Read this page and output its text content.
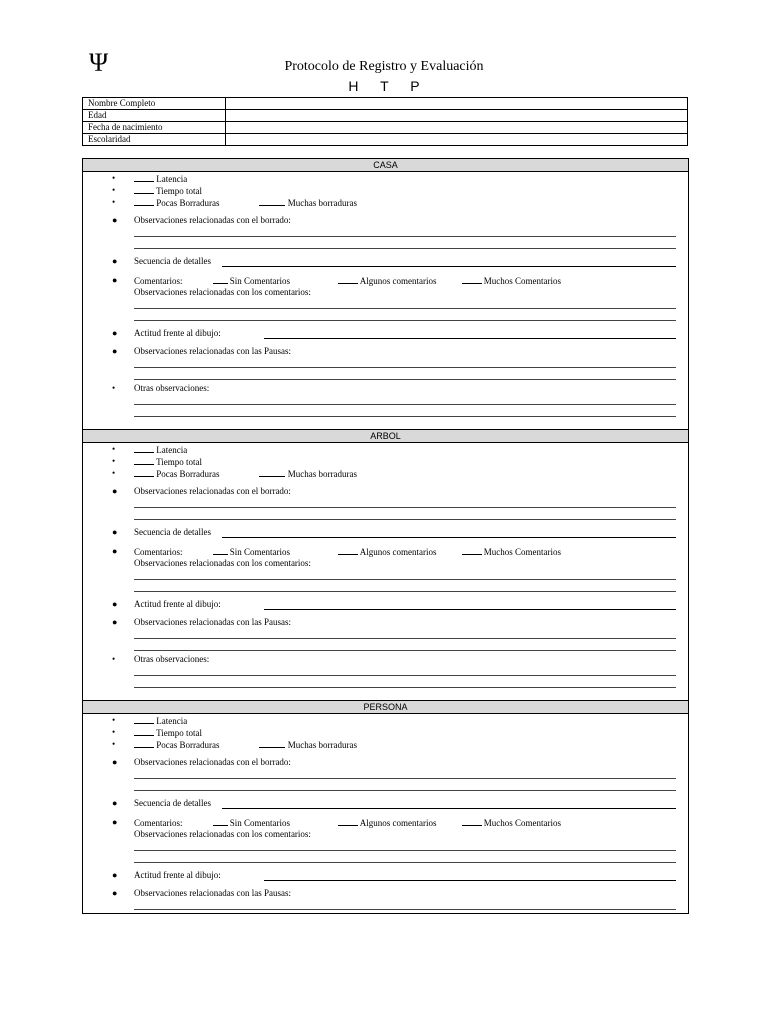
Ψ	Protocolo de Registro y Evaluación
H T P
Nombre Completo	
Edad	
Fecha de nacimiento	
Escolaridad	
CASA
•	Latencia
•	Tiempo total
•	Pocas Borraduras	Muchas borraduras
● Observaciones relacionadas con el borrado:
● Secuencia de detalles
● Comentarios:	Sin Comentarios	Algunos comentarios	Muchos Comentarios
Observaciones relacionadas con los comentarios:
● Actitud frente al dibujo:
● Observaciones relacionadas con las Pausas:
• Otras observaciones:
ARBOL
•	Latencia
•	Tiempo total
•	Pocas Borraduras	Muchas borraduras
● Observaciones relacionadas con el borrado:
● Secuencia de detalles
● Comentarios:	Sin Comentarios	Algunos comentarios	Muchos Comentarios
Observaciones relacionadas con los comentarios:
● Actitud frente al dibujo:
● Observaciones relacionadas con las Pausas:
• Otras observaciones:
PERSONA
•	Latencia
•	Tiempo total
•	Pocas Borraduras	Muchas borraduras
● Observaciones relacionadas con el borrado:
● Secuencia de detalles
● Comentarios:	Sin Comentarios	Algunos comentarios	Muchos Comentarios
Observaciones relacionadas con los comentarios:
● Actitud frente al dibujo:
● Observaciones relacionadas con las Pausas:
